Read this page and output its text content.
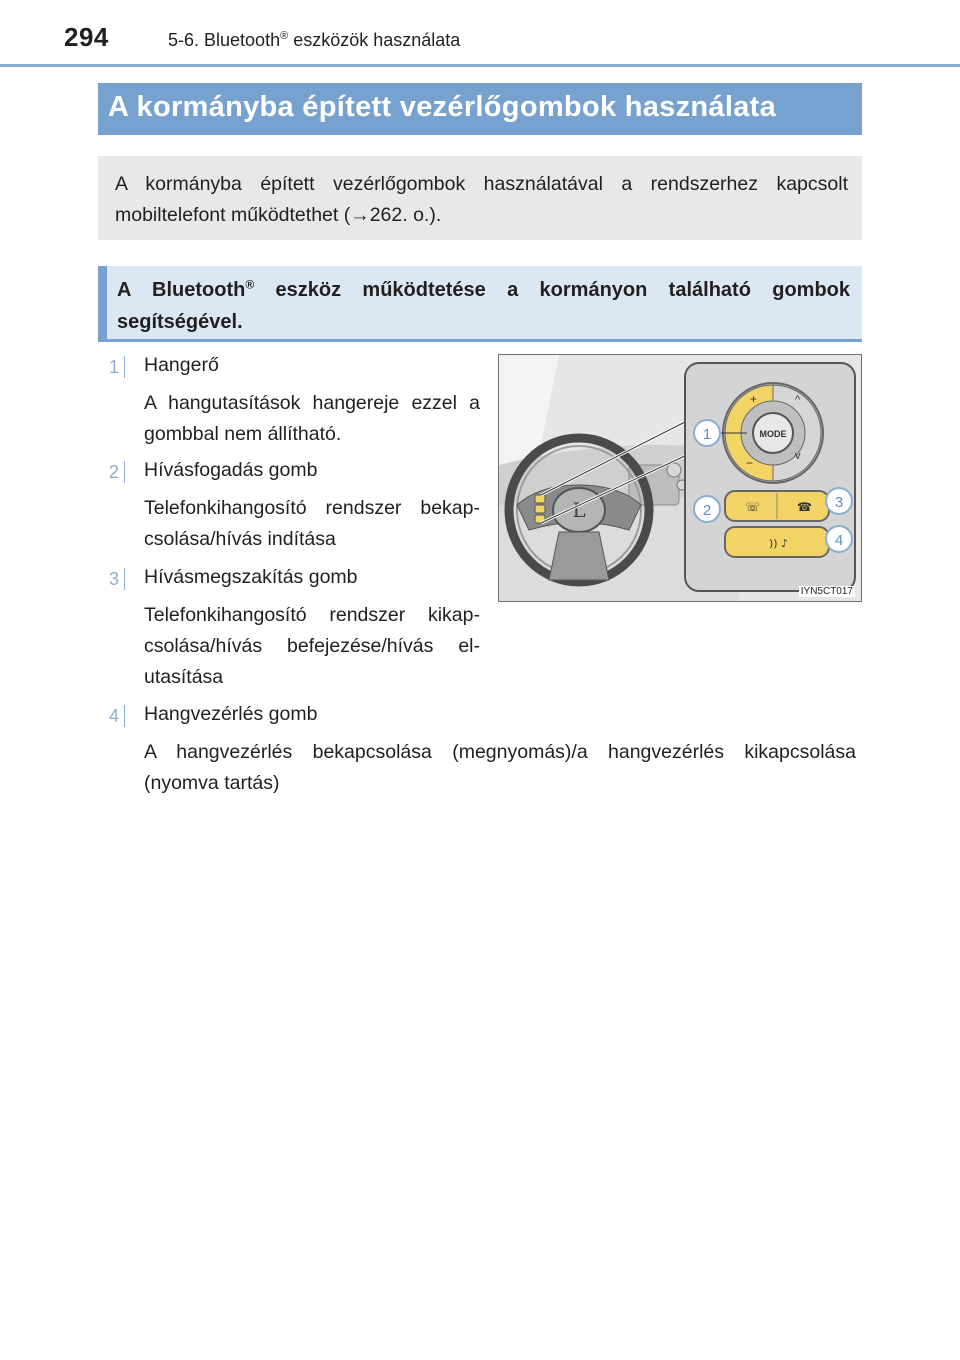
294	5-6. Bluetooth® eszközök használata
A kormányba épített vezérlőgombok használata
A kormányba épített vezérlőgombok használatával a rendszerhez kapcsolt mobiltelefont működtethet (→262. o.).
A Bluetooth® eszköz működtetése a kormányon található gombok segítségével.
1	Hangerő
A hangutasítások hangereje ezzel a gombbal nem állítható.
2	Hívásfogadás gomb
Telefonkihangosító rendszer bekap-csolása/hívás indítása
3	Hívásmegszakítás gomb
Telefonkihangosító rendszer kikap-csolása/hívás befejezése/hívás el-utasítása
4	Hangvezérlés gomb
A hangvezérlés bekapcsolása (megnyomás)/a hangvezérlés kikapcsolása (nyomva tartás)
L
MODE
+
−
^
v
☏	☎
)) ♪
1
2	3
4
IYN5CT017
